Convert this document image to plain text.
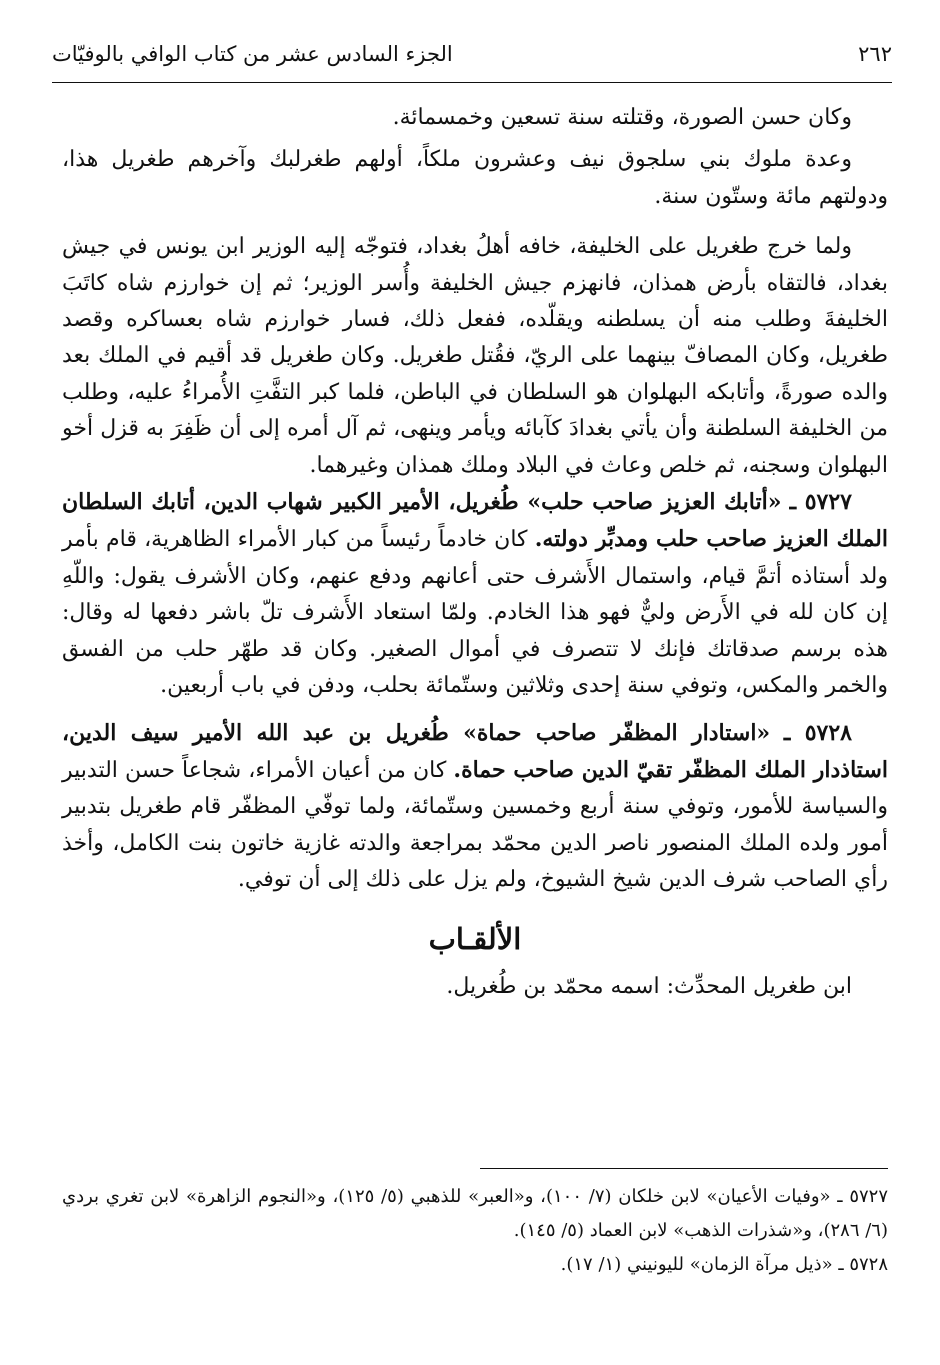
٢٦٢
الجزء السادس عشر من كتاب الوافي بالوفيّات

وكان حسن الصورة، وقتلته سنة تسعين وخمسمائة.

وعدة ملوك بني سلجوق نيف وعشرون ملكاً، أولهم طغرلبك وآخرهم طغريل هذا، ودولتهم مائة وستّون سنة.

ولما خرج طغريل على الخليفة، خافه أهلُ بغداد، فتوجّه إليه الوزير ابن يونس في جيش بغداد، فالتقاه بأرض همذان، فانهزم جيش الخليفة وأُسر الوزير؛ ثم إن خوارزم شاه كاتَبَ الخليفةَ وطلب منه أن يسلطنه ويقلّده، ففعل ذلك، فسار خوارزم شاه بعساكره وقصد طغريل، وكان المصافّ بينهما على الريّ، فقُتل طغريل. وكان طغريل قد أقيم في الملك بعد والده صورةً، وأتابكه البهلوان هو السلطان في الباطن، فلما كبر التفَّتِ الأُمراءُ عليه، وطلب من الخليفة السلطنة وأن يأتي بغدادَ كآبائه ويأمر وينهى، ثم آل أمره إلى أن ظَفِرَ به قزل أخو البهلوان وسجنه، ثم خلص وعاث في البلاد وملك همذان وغيرهما.

٥٧٢٧ ـ «أتابك العزيز صاحب حلب» طُغريل، الأمير الكبير شهاب الدين، أتابك السلطان الملك العزيز صاحب حلب ومدبِّر دولته. كان خادماً رئيساً من كبار الأمراء الظاهرية، قام بأمر ولد أستاذه أتمَّ قيام، واستمال الأَشرف حتى أعانهم ودفع عنهم، وكان الأشرف يقول: واللّهِ إن كان لله في الأَرض وليٌّ فهو هذا الخادم. ولمّا استعاد الأَشرف تلّ باشر دفعها له وقال: هذه برسم صدقاتك فإنك لا تتصرف في أموال الصغير. وكان قد طهّر حلب من الفسق والخمر والمكس، وتوفي سنة إحدى وثلاثين وستّمائة بحلب، ودفن في باب أربعين.

٥٧٢٨ ـ «استادار المظفّر صاحب حماة» طُغريل بن عبد الله الأمير سيف الدين، استاذدار الملك المظفّر تقيّ الدين صاحب حماة. كان من أعيان الأمراء، شجاعاً حسن التدبير والسياسة للأمور، وتوفي سنة أربع وخمسين وستّمائة، ولما توفّي المظفّر قام طغريل بتدبير أمور ولده الملك المنصور ناصر الدين محمّد بمراجعة والدته غازية خاتون بنت الكامل، وأخذ رأي الصاحب شرف الدين شيخ الشيوخ، ولم يزل على ذلك إلى أن توفي.

الألقـاب

ابن طغريل المحدِّث: اسمه محمّد بن طُغريل.

٥٧٢٧ ـ «وفيات الأعيان» لابن خلكان (٧/ ١٠٠)، و«العبر» للذهبي (٥/ ١٢٥)، و«النجوم الزاهرة» لابن تغري بردي (٦/ ٢٨٦)، و«شذرات الذهب» لابن العماد (٥/ ١٤٥).

٥٧٢٨ ـ «ذيل مرآة الزمان» لليونيني (١/ ١٧).
